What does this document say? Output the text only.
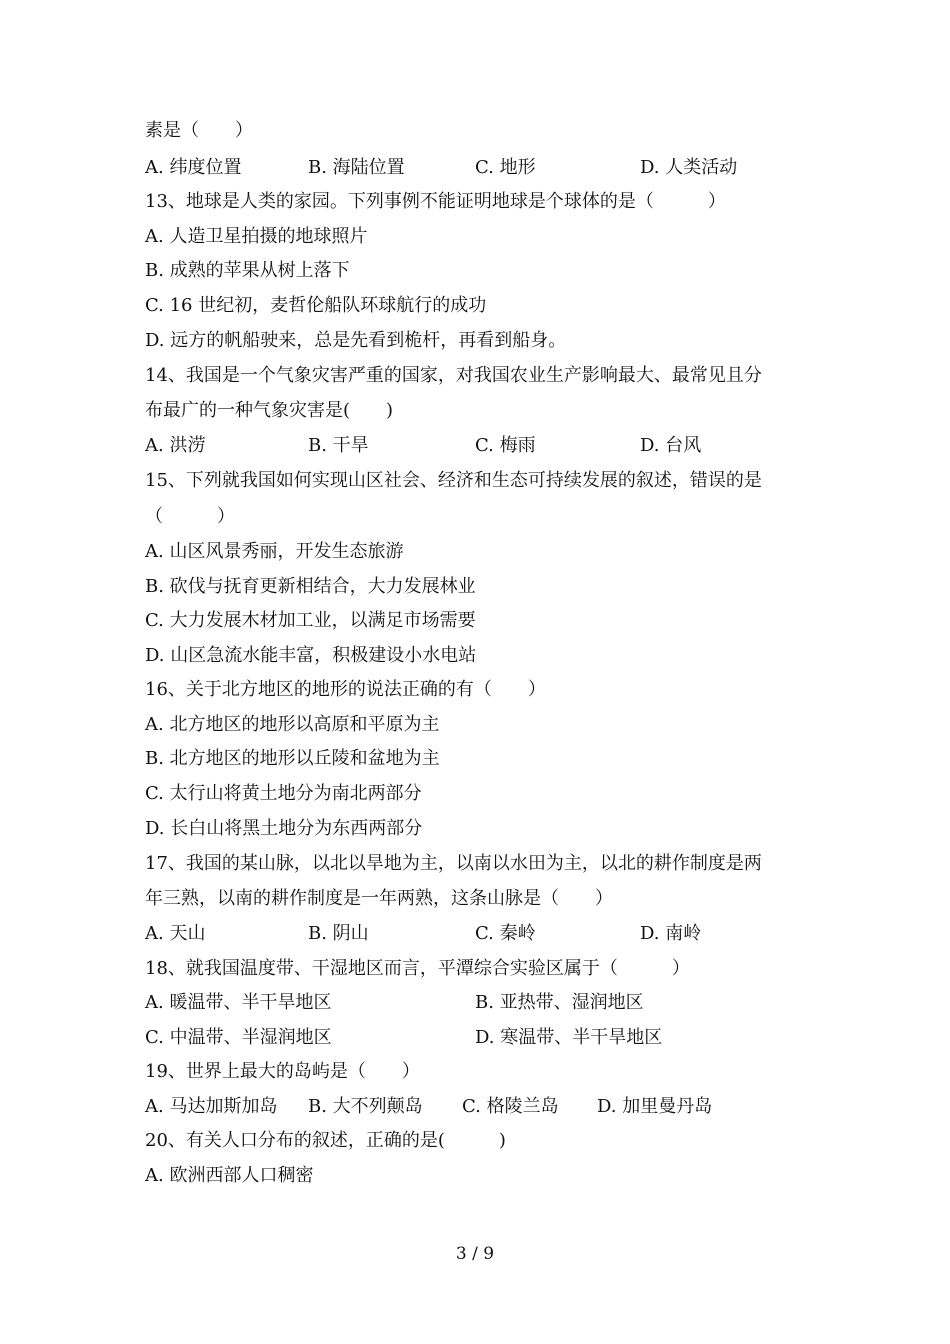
素是（　　）

A. 纬度位置

	B. 海陆位置

	C. 地形

	D. 人类活动

13、地球是人类的家园。下列事例不能证明地球是个球体的是（　　　）
A. 人造卫星拍摄的地球照片
B. 成熟的苹果从树上落下
C. 16 世纪初，麦哲伦船队环球航行的成功
D. 远方的帆船驶来，总是先看到桅杆，再看到船身。
14、我国是一个气象灾害严重的国家，对我国农业生产影响最大、最常见且分
布最广的一种气象灾害是(　　)

A. 洪涝

	B. 干旱

	C. 梅雨

	D. 台风

15、下列就我国如何实现山区社会、经济和生态可持续发展的叙述，错误的是
（　　　）
A. 山区风景秀丽，开发生态旅游
B. 砍伐与抚育更新相结合，大力发展林业
C. 大力发展木材加工业，以满足市场需要
D. 山区急流水能丰富，积极建设小水电站
16、关于北方地区的地形的说法正确的有（　　）
A. 北方地区的地形以高原和平原为主
B. 北方地区的地形以丘陵和盆地为主
C. 太行山将黄土地分为南北两部分
D. 长白山将黑土地分为东西两部分
17、我国的某山脉，以北以旱地为主，以南以水田为主，以北的耕作制度是两
年三熟，以南的耕作制度是一年两熟，这条山脉是（　　）

A. 天山

	B. 阴山

	C. 秦岭

	D. 南岭

18、就我国温度带、干湿地区而言，平潭综合实验区属于（　　　）

A. 暖温带、半干旱地区

	B. 亚热带、湿润地区

C. 中温带、半湿润地区

	D. 寒温带、半干旱地区

19、世界上最大的岛屿是（　　）

A. 马达加斯加岛

B. 大不列颠岛

C. 格陵兰岛

D. 加里曼丹岛

20、有关人口分布的叙述，正确的是(　　　)
A. 欧洲西部人口稠密
3 / 9
